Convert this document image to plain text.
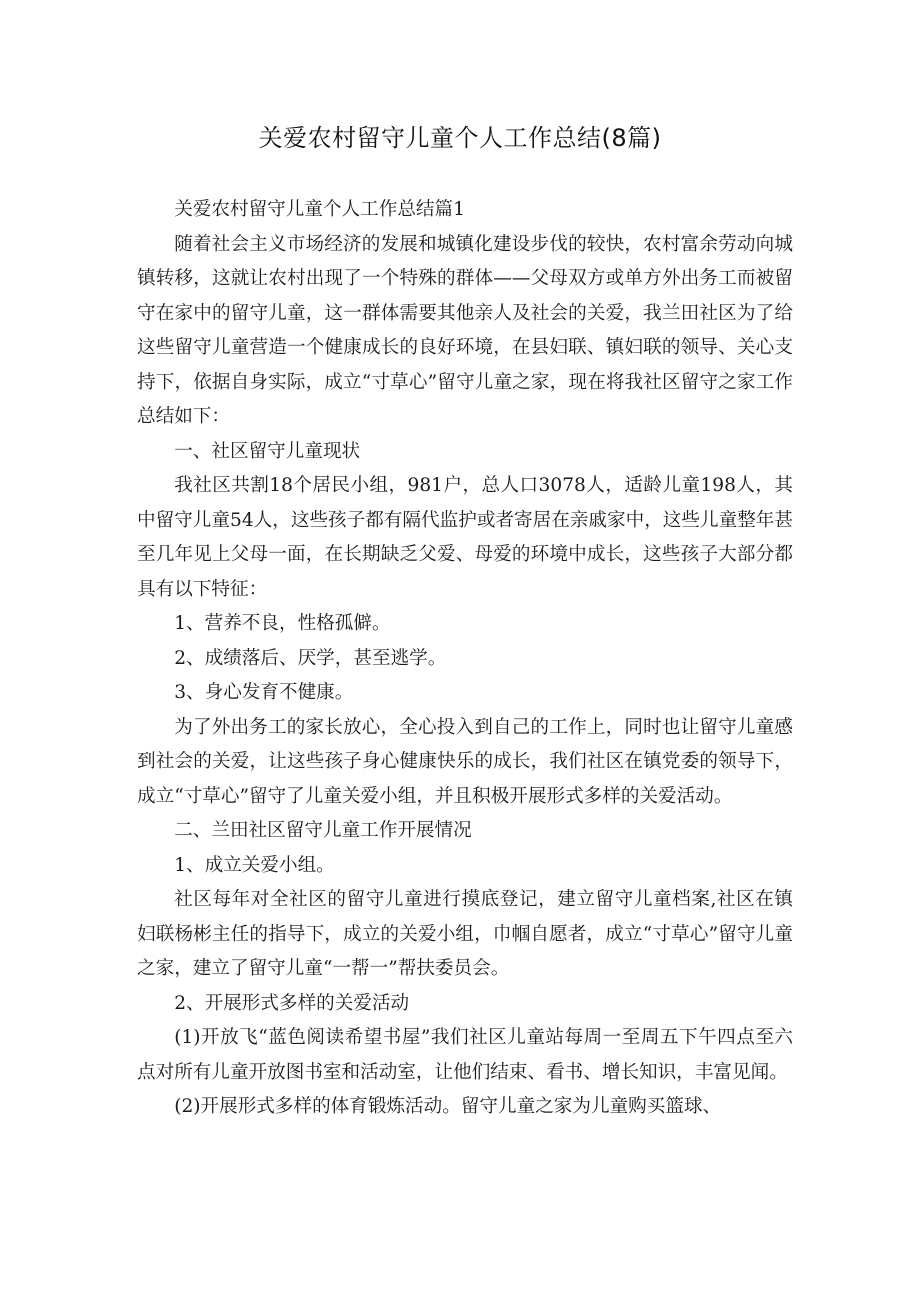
关爱农村留守儿童个人工作总结(8篇)

关爱农村留守儿童个人工作总结篇1

随着社会主义市场经济的发展和城镇化建设步伐的较快，农村富余劳动向城镇转移，这就让农村出现了一个特殊的群体——父母双方或单方外出务工而被留守在家中的留守儿童，这一群体需要其他亲人及社会的关爱，我兰田社区为了给这些留守儿童营造一个健康成长的良好环境，在县妇联、镇妇联的领导、关心支持下，依据自身实际，成立“寸草心”留守儿童之家，现在将我社区留守之家工作总结如下：

一、社区留守儿童现状

我社区共割18个居民小组，981户，总人口3078人，适龄儿童198人，其中留守儿童54人，这些孩子都有隔代监护或者寄居在亲戚家中，这些儿童整年甚至几年见上父母一面，在长期缺乏父爱、母爱的环境中成长，这些孩子大部分都具有以下特征：

1、营养不良，性格孤僻。

2、成绩落后、厌学，甚至逃学。

3、身心发育不健康。

为了外出务工的家长放心，全心投入到自己的工作上，同时也让留守儿童感到社会的关爱，让这些孩子身心健康快乐的成长，我们社区在镇党委的领导下，成立“寸草心”留守了儿童关爱小组，并且积极开展形式多样的关爱活动。

二、兰田社区留守儿童工作开展情况

1、成立关爱小组。

社区每年对全社区的留守儿童进行摸底登记，建立留守儿童档案,社区在镇妇联杨彬主任的指导下，成立的关爱小组，巾帼自愿者，成立“寸草心”留守儿童之家，建立了留守儿童“一帮一”帮扶委员会。

2、开展形式多样的关爱活动

(1)开放飞“蓝色阅读希望书屋”我们社区儿童站每周一至周五下午四点至六点对所有儿童开放图书室和活动室，让他们结束、看书、增长知识，丰富见闻。

(2)开展形式多样的体育锻炼活动。留守儿童之家为儿童购买篮球、
